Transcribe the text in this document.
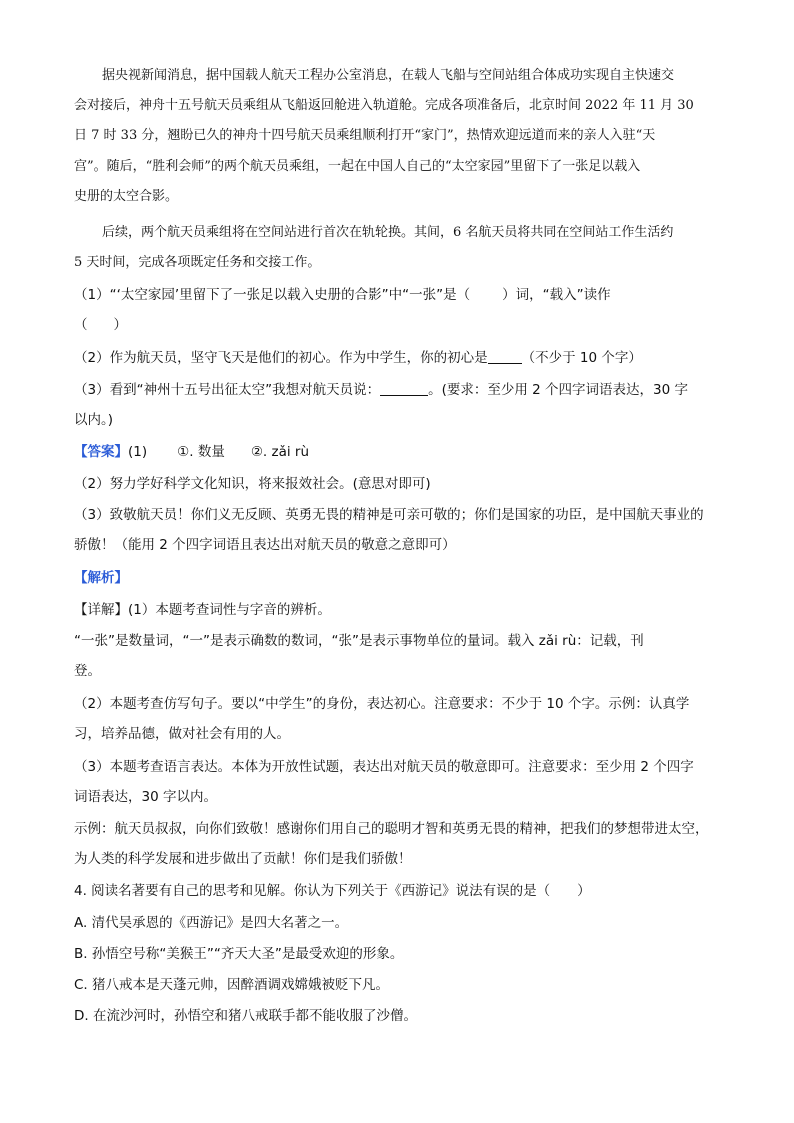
据央视新闻消息，据中国载人航天工程办公室消息，在载人飞船与空间站组合体成功实现自主快速交
会对接后，神舟十五号航天员乘组从飞船返回舱进入轨道舱。完成各项准备后，北京时间 2022 年 11 月 30
日 7 时 33 分，翘盼已久的神舟十四号航天员乘组顺利打开“家门”，热情欢迎远道而来的亲人入驻“天
宫”。随后，“胜利会师”的两个航天员乘组，一起在中国人自己的“太空家园”里留下了一张足以载入
史册的太空合影。
后续，两个航天员乘组将在空间站进行首次在轨轮换。其间，6 名航天员将共同在空间站工作生活约
5 天时间，完成各项既定任务和交接工作。
（1）“‘太空家园’里留下了一张足以载入史册的合影”中“一张”是（ ）词，“载入”读作
（ ）
（2）作为航天员，坚守飞天是他们的初心。作为中学生，你的初心是	（不少于 10 个字）
（3）看到“神州十五号出征太空”我想对航天员说：	。(要求：至少用 2 个四字词语表达，30 字
以内。)
【答案】(1) ①. 数量 ②. zǎi rù
（2）努力学好科学文化知识，将来报效社会。(意思对即可)
（3）致敬航天员！你们义无反顾、英勇无畏的精神是可亲可敬的；你们是国家的功臣，是中国航天事业的
骄傲！（能用 2 个四字词语且表达出对航天员的敬意之意即可）
【解析】
【详解】(1）本题考查词性与字音的辨析。
“一张”是数量词，“一”是表示确数的数词，“张”是表示事物单位的量词。载入 zǎi rù：记载，刊
登。
（2）本题考查仿写句子。要以“中学生”的身份，表达初心。注意要求：不少于 10 个字。示例：认真学
习，培养品德，做对社会有用的人。
（3）本题考查语言表达。本体为开放性试题，表达出对航天员的敬意即可。注意要求：至少用 2 个四字
词语表达，30 字以内。
示例：航天员叔叔，向你们致敬！感谢你们用自己的聪明才智和英勇无畏的精神，把我们的梦想带进太空，
为人类的科学发展和进步做出了贡献！你们是我们骄傲！
4. 阅读名著要有自己的思考和见解。你认为下列关于《西游记》说法有误的是（　　）
A. 清代吴承恩的《西游记》是四大名著之一。
B. 孙悟空号称“美猴王”“齐天大圣”是最受欢迎的形象。
C. 猪八戒本是天蓬元帅，因醉酒调戏嫦娥被贬下凡。
D. 在流沙河时，孙悟空和猪八戒联手都不能收服了沙僧。
